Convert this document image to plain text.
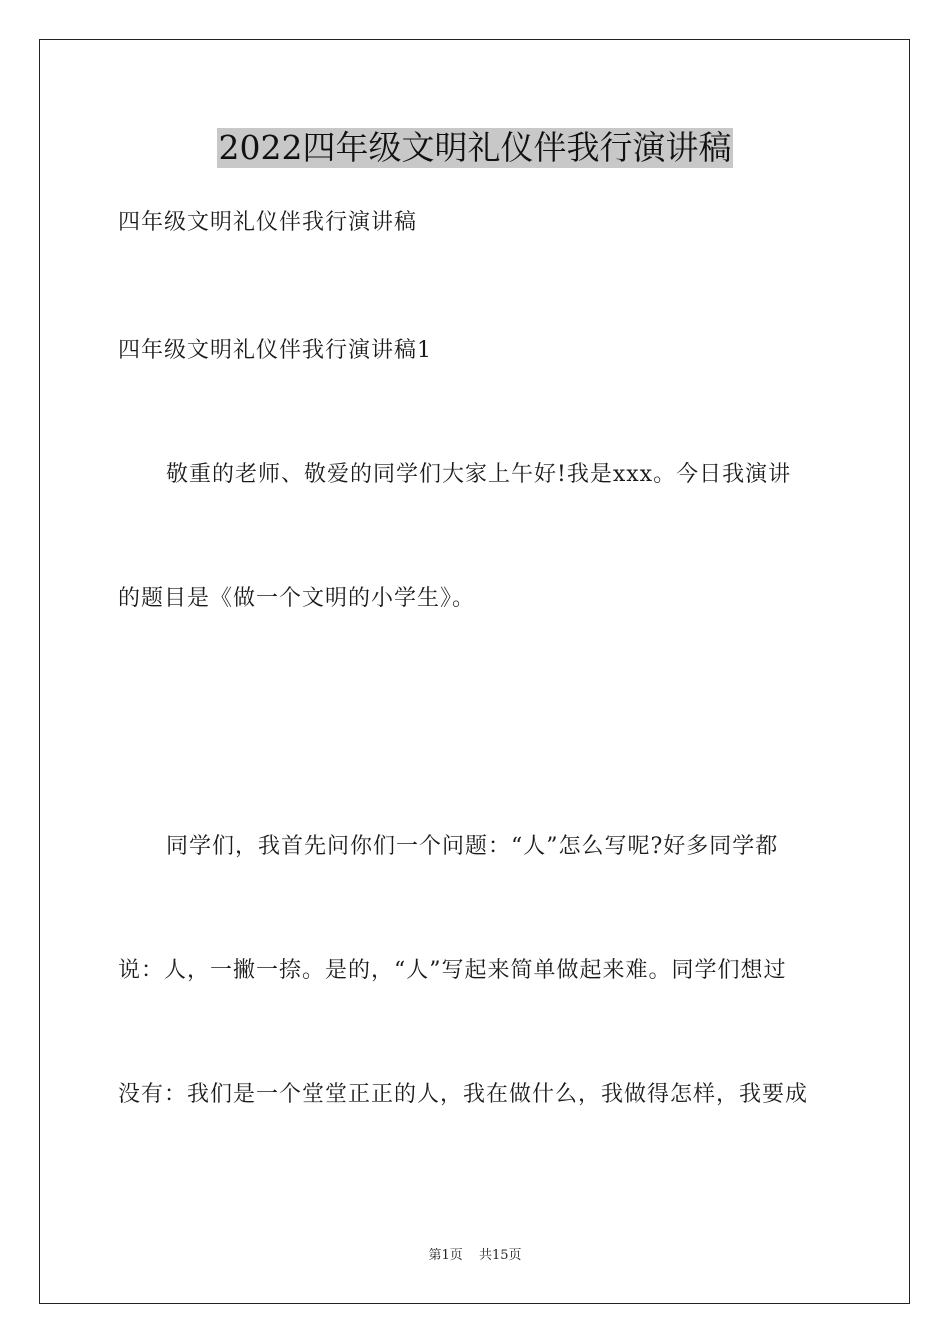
2022四年级文明礼仪伴我行演讲稿
四年级文明礼仪伴我行演讲稿
四年级文明礼仪伴我行演讲稿1
敬重的老师、敬爱的同学们大家上午好!我是xxx。今日我演讲
的题目是《做一个文明的小学生》。
同学们，我首先问你们一个问题：“人”怎么写呢?好多同学都
说：人，一撇一捺。是的，“人”写起来简单做起来难。同学们想过
没有：我们是一个堂堂正正的人，我在做什么，我做得怎样，我要成
第1页 共15页
